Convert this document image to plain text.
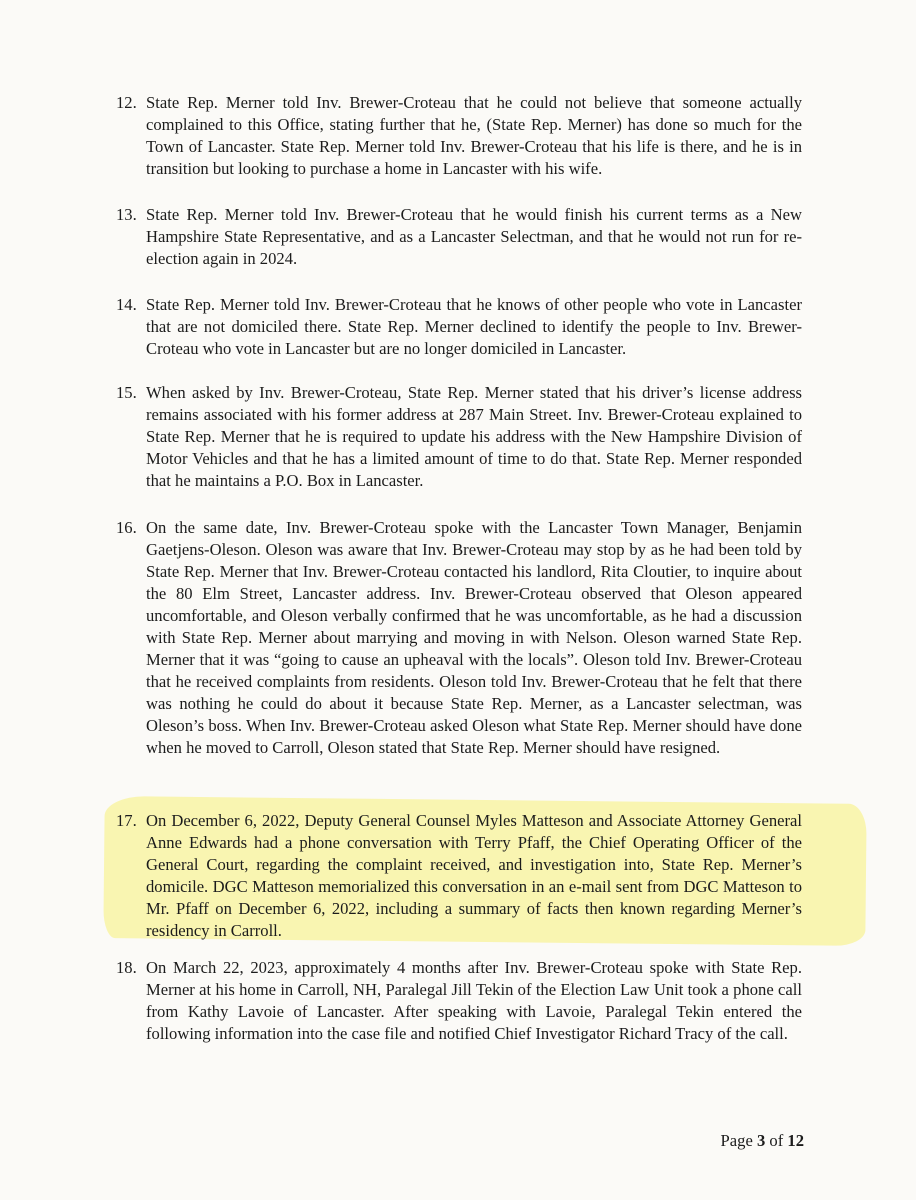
12. State Rep. Merner told Inv. Brewer-Croteau that he could not believe that someone actually complained to this Office, stating further that he, (State Rep. Merner) has done so much for the Town of Lancaster. State Rep. Merner told Inv. Brewer-Croteau that his life is there, and he is in transition but looking to purchase a home in Lancaster with his wife.
13. State Rep. Merner told Inv. Brewer-Croteau that he would finish his current terms as a New Hampshire State Representative, and as a Lancaster Selectman, and that he would not run for re-election again in 2024.
14. State Rep. Merner told Inv. Brewer-Croteau that he knows of other people who vote in Lancaster that are not domiciled there. State Rep. Merner declined to identify the people to Inv. Brewer-Croteau who vote in Lancaster but are no longer domiciled in Lancaster.
15. When asked by Inv. Brewer-Croteau, State Rep. Merner stated that his driver’s license address remains associated with his former address at 287 Main Street. Inv. Brewer-Croteau explained to State Rep. Merner that he is required to update his address with the New Hampshire Division of Motor Vehicles and that he has a limited amount of time to do that. State Rep. Merner responded that he maintains a P.O. Box in Lancaster.
16. On the same date, Inv. Brewer-Croteau spoke with the Lancaster Town Manager, Benjamin Gaetjens-Oleson. Oleson was aware that Inv. Brewer-Croteau may stop by as he had been told by State Rep. Merner that Inv. Brewer-Croteau contacted his landlord, Rita Cloutier, to inquire about the 80 Elm Street, Lancaster address. Inv. Brewer-Croteau observed that Oleson appeared uncomfortable, and Oleson verbally confirmed that he was uncomfortable, as he had a discussion with State Rep. Merner about marrying and moving in with Nelson. Oleson warned State Rep. Merner that it was “going to cause an upheaval with the locals”. Oleson told Inv. Brewer-Croteau that he received complaints from residents. Oleson told Inv. Brewer-Croteau that he felt that there was nothing he could do about it because State Rep. Merner, as a Lancaster selectman, was Oleson’s boss. When Inv. Brewer-Croteau asked Oleson what State Rep. Merner should have done when he moved to Carroll, Oleson stated that State Rep. Merner should have resigned.
17. On December 6, 2022, Deputy General Counsel Myles Matteson and Associate Attorney General Anne Edwards had a phone conversation with Terry Pfaff, the Chief Operating Officer of the General Court, regarding the complaint received, and investigation into, State Rep. Merner’s domicile. DGC Matteson memorialized this conversation in an e-mail sent from DGC Matteson to Mr. Pfaff on December 6, 2022, including a summary of facts then known regarding Merner’s residency in Carroll.
18. On March 22, 2023, approximately 4 months after Inv. Brewer-Croteau spoke with State Rep. Merner at his home in Carroll, NH, Paralegal Jill Tekin of the Election Law Unit took a phone call from Kathy Lavoie of Lancaster. After speaking with Lavoie, Paralegal Tekin entered the following information into the case file and notified Chief Investigator Richard Tracy of the call.
Page 3 of 12
